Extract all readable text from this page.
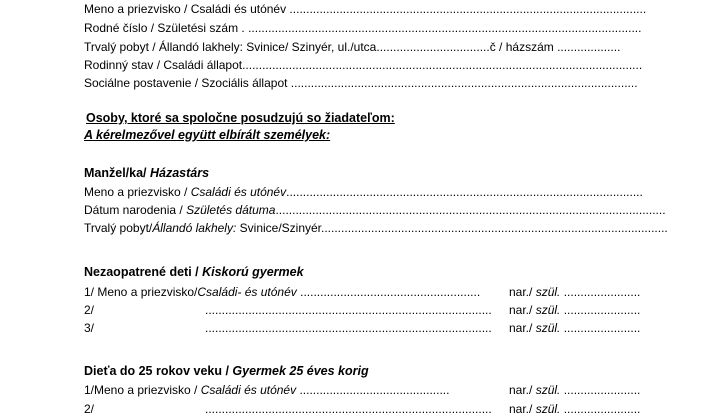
Meno a priezvisko / Családi és utónév ...........................................................................................................
Rodné číslo / Születési szám . ......................................................................................................................
Trvalý pobyt / Állandó lakhely: Svinice/ Szinyér, ul./utca..................................č / házszám ...................
Rodinný stav / Családi állapot........................................................................................................................
Sociálne postavenie / Szociális állapot ........................................................................................................
Osoby, ktoré sa spoločne posudzujú so žiadateľom:
A kérelmezővel együtt elbírált személyek:
Manžel/ka/ Házastárs
Meno a priezvisko / Családi és utónév...........................................................................................................
Dátum narodenia / Születés dátuma.....................................................................................................................
Trvalý pobyt/Állandó lakhely: Svinice/Szinyér........................................................................................................
Nezaopatrené deti / Kiskorú gyermek
1/ Meno a priezvisko/Családi- és utónév ...................................................... nar./ szül. .......................
2/	...................................................................................... nar./ szül. .......................
3/	...................................................................................... nar./ szül. .......................
Dieťa do 25 rokov veku / Gyermek 25 éves korig
1/Meno a priezvisko / Családi és utónév .............................................	nar./ szül. .......................
2/	...................................................................................... nar./ szül. .......................
